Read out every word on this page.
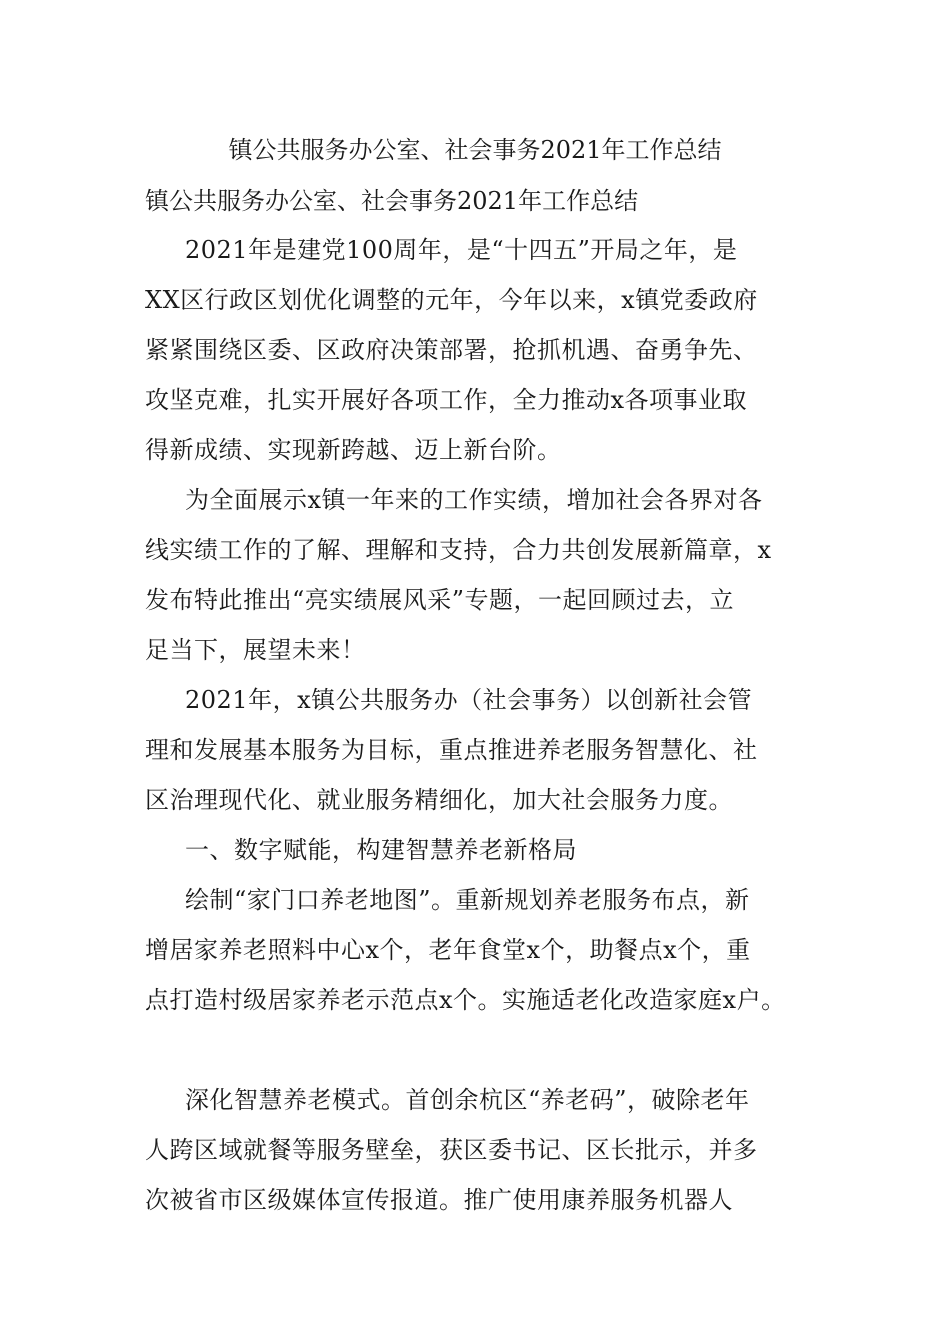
镇公共服务办公室、社会事务2021年工作总结
镇公共服务办公室、社会事务2021年工作总结
2021年是建党100周年，是“十四五”开局之年，是
XX区行政区划优化调整的元年，今年以来，x镇党委政府
紧紧围绕区委、区政府决策部署，抢抓机遇、奋勇争先、
攻坚克难，扎实开展好各项工作，全力推动x各项事业取
得新成绩、实现新跨越、迈上新台阶。
为全面展示x镇一年来的工作实绩，增加社会各界对各
线实绩工作的了解、理解和支持，合力共创发展新篇章，x
发布特此推出“亮实绩展风采”专题，一起回顾过去，立
足当下，展望未来！
2021年，x镇公共服务办（社会事务）以创新社会管
理和发展基本服务为目标，重点推进养老服务智慧化、社
区治理现代化、就业服务精细化，加大社会服务力度。
一、数字赋能，构建智慧养老新格局
绘制“家门口养老地图”。重新规划养老服务布点，新
增居家养老照料中心x个，老年食堂x个，助餐点x个，重
点打造村级居家养老示范点x个。实施适老化改造家庭x户。
深化智慧养老模式。首创余杭区“养老码”，破除老年
人跨区域就餐等服务壁垒，获区委书记、区长批示，并多
次被省市区级媒体宣传报道。推广使用康养服务机器人
